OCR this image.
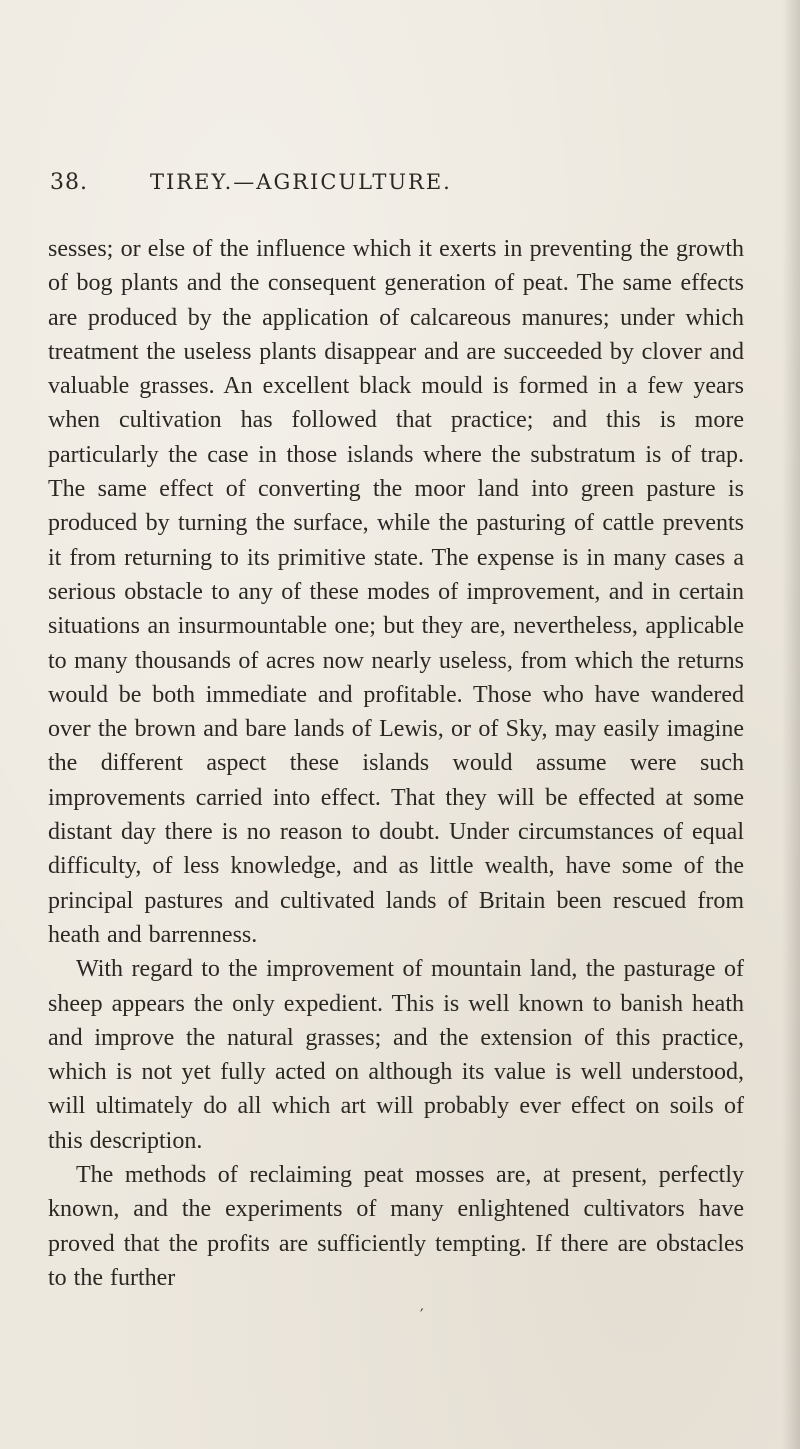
38.	TIREY.—AGRICULTURE.

sesses; or else of the influence which it exerts in preventing the growth of bog plants and the consequent generation of peat. The same effects are produced by the application of calcareous manures; under which treatment the useless plants disappear and are succeeded by clover and valuable grasses. An excellent black mould is formed in a few years when cultivation has followed that practice; and this is more particularly the case in those islands where the substratum is of trap. The same effect of converting the moor land into green pasture is produced by turning the surface, while the pasturing of cattle prevents it from returning to its primitive state. The expense is in many cases a serious obstacle to any of these modes of improvement, and in certain situations an insurmountable one; but they are, nevertheless, applicable to many thousands of acres now nearly useless, from which the returns would be both immediate and profitable. Those who have wandered over the brown and bare lands of Lewis, or of Sky, may easily imagine the different aspect these islands would assume were such improvements carried into effect. That they will be effected at some distant day there is no reason to doubt. Under circumstances of equal difficulty, of less knowledge, and as little wealth, have some of the principal pastures and cultivated lands of Britain been rescued from heath and barrenness.

With regard to the improvement of mountain land, the pasturage of sheep appears the only expedient. This is well known to banish heath and improve the natural grasses; and the extension of this practice, which is not yet fully acted on although its value is well understood, will ultimately do all which art will probably ever effect on soils of this description.

The methods of reclaiming peat mosses are, at present, perfectly known, and the experiments of many enlightened cultivators have proved that the profits are sufficiently tempting. If there are obstacles to the further

′
